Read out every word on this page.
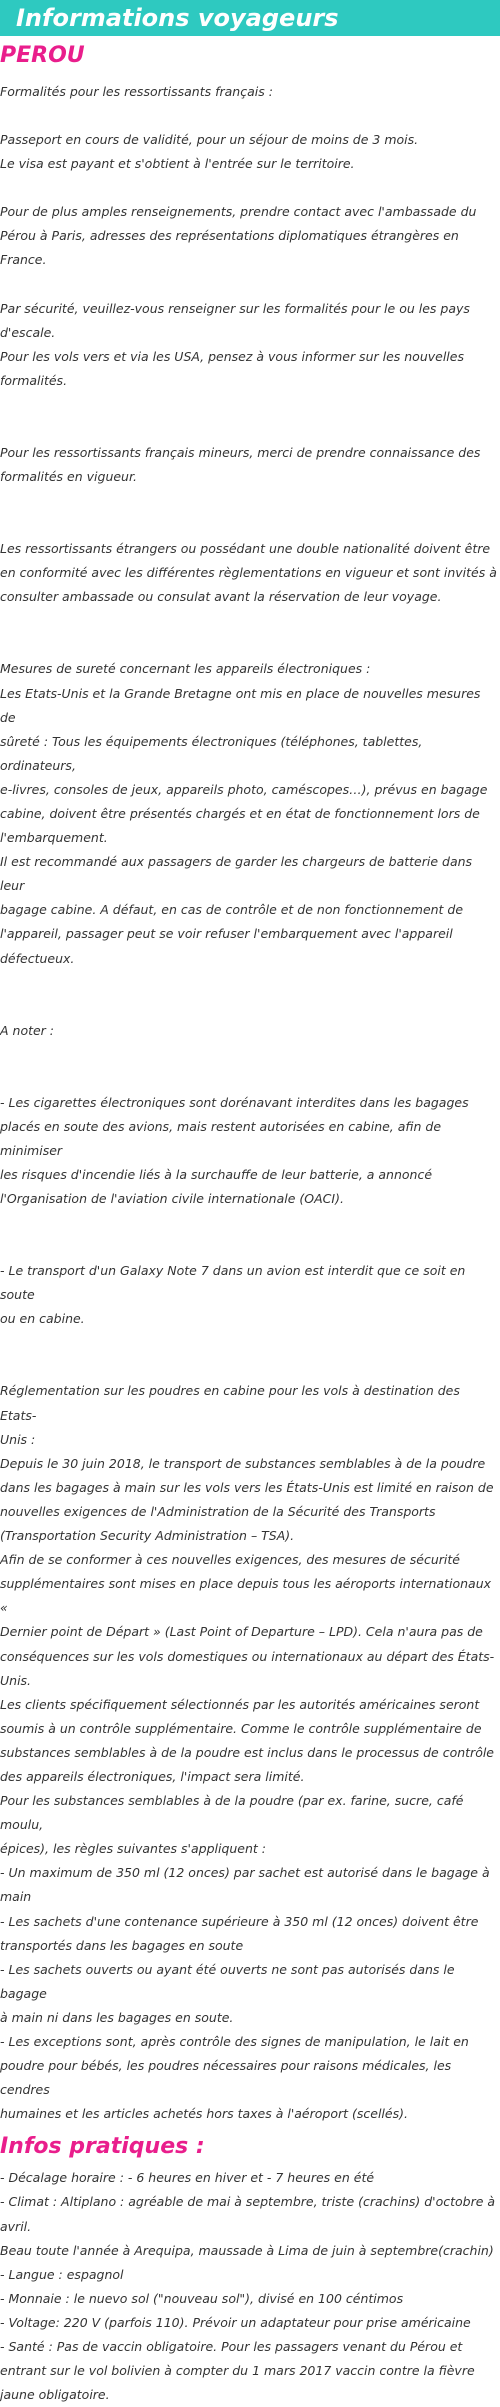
Informations voyageurs
PEROU

Formalités pour les ressortissants français :

Passeport en cours de validité, pour un séjour de moins de 3 mois.
Le visa est payant et s'obtient à l'entrée sur le territoire.

Pour de plus amples renseignements, prendre contact avec l'ambassade du
Pérou à Paris, adresses des représentations diplomatiques étrangères en
France.

Par sécurité, veuillez-vous renseigner sur les formalités pour le ou les pays
d'escale.
Pour les vols vers et via les USA, pensez à vous informer sur les nouvelles
formalités.

Pour les ressortissants français mineurs, merci de prendre connaissance des
formalités en vigueur.

Les ressortissants étrangers ou possédant une double nationalité doivent être
en conformité avec les différentes règlementations en vigueur et sont invités à
consulter ambassade ou consulat avant la réservation de leur voyage.

Mesures de sureté concernant les appareils électroniques :
Les Etats-Unis et la Grande Bretagne ont mis en place de nouvelles mesures de
sûreté : Tous les équipements électroniques (téléphones, tablettes, ordinateurs,
e-livres, consoles de jeux, appareils photo, caméscopes…), prévus en bagage
cabine, doivent être présentés chargés et en état de fonctionnement lors de
l'embarquement.
Il est recommandé aux passagers de garder les chargeurs de batterie dans leur
bagage cabine. A défaut, en cas de contrôle et de non fonctionnement de
l'appareil, passager peut se voir refuser l'embarquement avec l'appareil
défectueux.

A noter :

- Les cigarettes électroniques sont dorénavant interdites dans les bagages
placés en soute des avions, mais restent autorisées en cabine, afin de minimiser
les risques d'incendie liés à la surchauffe de leur batterie, a annoncé
l'Organisation de l'aviation civile internationale (OACI).

- Le transport d'un Galaxy Note 7 dans un avion est interdit que ce soit en soute
ou en cabine.

Réglementation sur les poudres en cabine pour les vols à destination des Etats-
Unis :
Depuis le 30 juin 2018, le transport de substances semblables à de la poudre
dans les bagages à main sur les vols vers les États-Unis est limité en raison de
nouvelles exigences de l'Administration de la Sécurité des Transports
(Transportation Security Administration – TSA).
Afin de se conformer à ces nouvelles exigences, des mesures de sécurité
supplémentaires sont mises en place depuis tous les aéroports internationaux «
Dernier point de Départ » (Last Point of Departure – LPD). Cela n'aura pas de
conséquences sur les vols domestiques ou internationaux au départ des États-
Unis.
Les clients spécifiquement sélectionnés par les autorités américaines seront
soumis à un contrôle supplémentaire. Comme le contrôle supplémentaire de
substances semblables à de la poudre est inclus dans le processus de contrôle
des appareils électroniques, l'impact sera limité.
Pour les substances semblables à de la poudre (par ex. farine, sucre, café moulu,
épices), les règles suivantes s'appliquent :
- Un maximum de 350 ml (12 onces) par sachet est autorisé dans le bagage à
main
- Les sachets d'une contenance supérieure à 350 ml (12 onces) doivent être
transportés dans les bagages en soute
- Les sachets ouverts ou ayant été ouverts ne sont pas autorisés dans le bagage
à main ni dans les bagages en soute.
- Les exceptions sont, après contrôle des signes de manipulation, le lait en
poudre pour bébés, les poudres nécessaires pour raisons médicales, les cendres
humaines et les articles achetés hors taxes à l'aéroport (scellés).

Infos pratiques :

- Décalage horaire : - 6 heures en hiver et - 7 heures en été
- Climat : Altiplano : agréable de mai à septembre, triste (crachins) d'octobre à
avril.
Beau toute l'année à Arequipa, maussade à Lima de juin à septembre(crachin)
- Langue : espagnol
- Monnaie : le nuevo sol ("nouveau sol"), divisé en 100 céntimos
- Voltage: 220 V (parfois 110). Prévoir un adaptateur pour prise américaine
- Santé : Pas de vaccin obligatoire. Pour les passagers venant du Pérou et
entrant sur le vol bolivien à compter du 1 mars 2017 vaccin contre la fièvre
jaune obligatoire.
